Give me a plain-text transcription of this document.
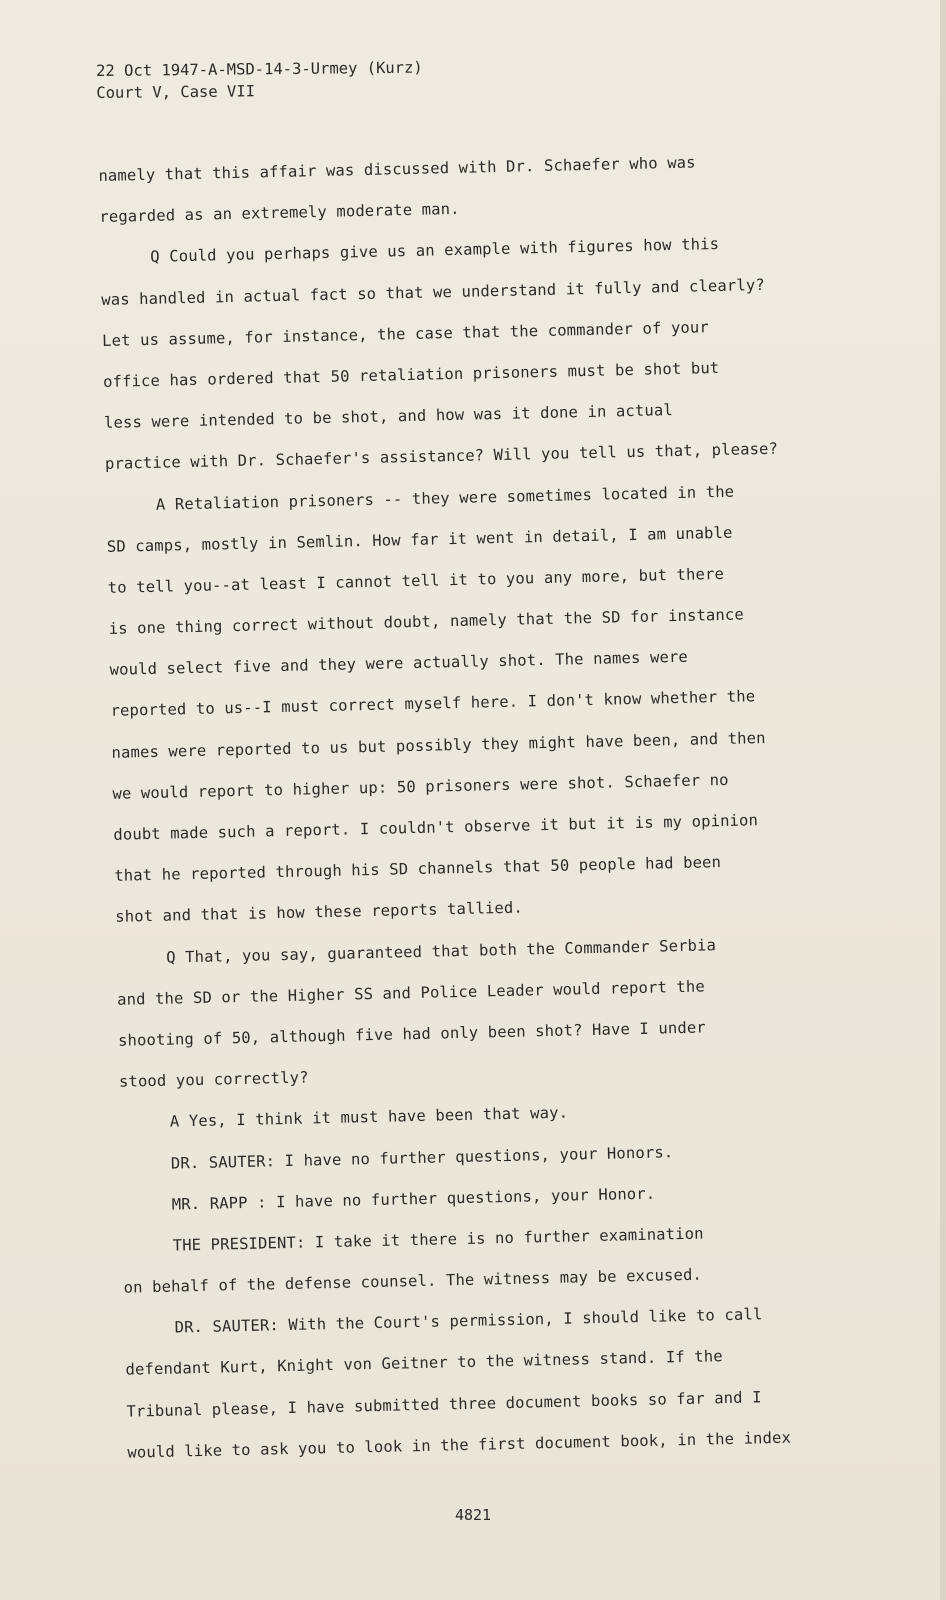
22 Oct 1947-A-MSD-14-3-Urmey (Kurz)
Court V, Case VII
namely that this affair was discussed with Dr. Schaefer who was
regarded as an extremely moderate man.
Q Could you perhaps give us an example with figures how this
was handled in actual fact so that we understand it fully and clearly?
Let us assume, for instance, the case that the commander of your
office has ordered that 50 retaliation prisoners must be shot but
less were intended to be shot, and how was it done in actual
practice with Dr. Schaefer's assistance? Will you tell us that, please?
A Retaliation prisoners -- they were sometimes located in the
SD camps, mostly in Semlin. How far it went in detail, I am unable
to tell you--at least I cannot tell it to you any more, but there
is one thing correct without doubt, namely that the SD for instance
would select five and they were actually shot. The names were
reported to us--I must correct myself here. I don't know whether the
names were reported to us but possibly they might have been, and then
we would report to higher up: 50 prisoners were shot. Schaefer no
doubt made such a report. I couldn't observe it but it is my opinion
that he reported through his SD channels that 50 people had been
shot and that is how these reports tallied.
Q That, you say, guaranteed that both the Commander Serbia
and the SD or the Higher SS and Police Leader would report the
shooting of 50, although five had only been shot? Have I under
stood you correctly?
A Yes, I think it must have been that way.
DR. SAUTER: I have no further questions, your Honors.
MR. RAPP : I have no further questions, your Honor.
THE PRESIDENT: I take it there is no further examination
on behalf of the defense counsel. The witness may be excused.
DR. SAUTER: With the Court's permission, I should like to call
defendant Kurt, Knight von Geitner to the witness stand. If the
Tribunal please, I have submitted three document books so far and I
would like to ask you to look in the first document book, in the index
4821
